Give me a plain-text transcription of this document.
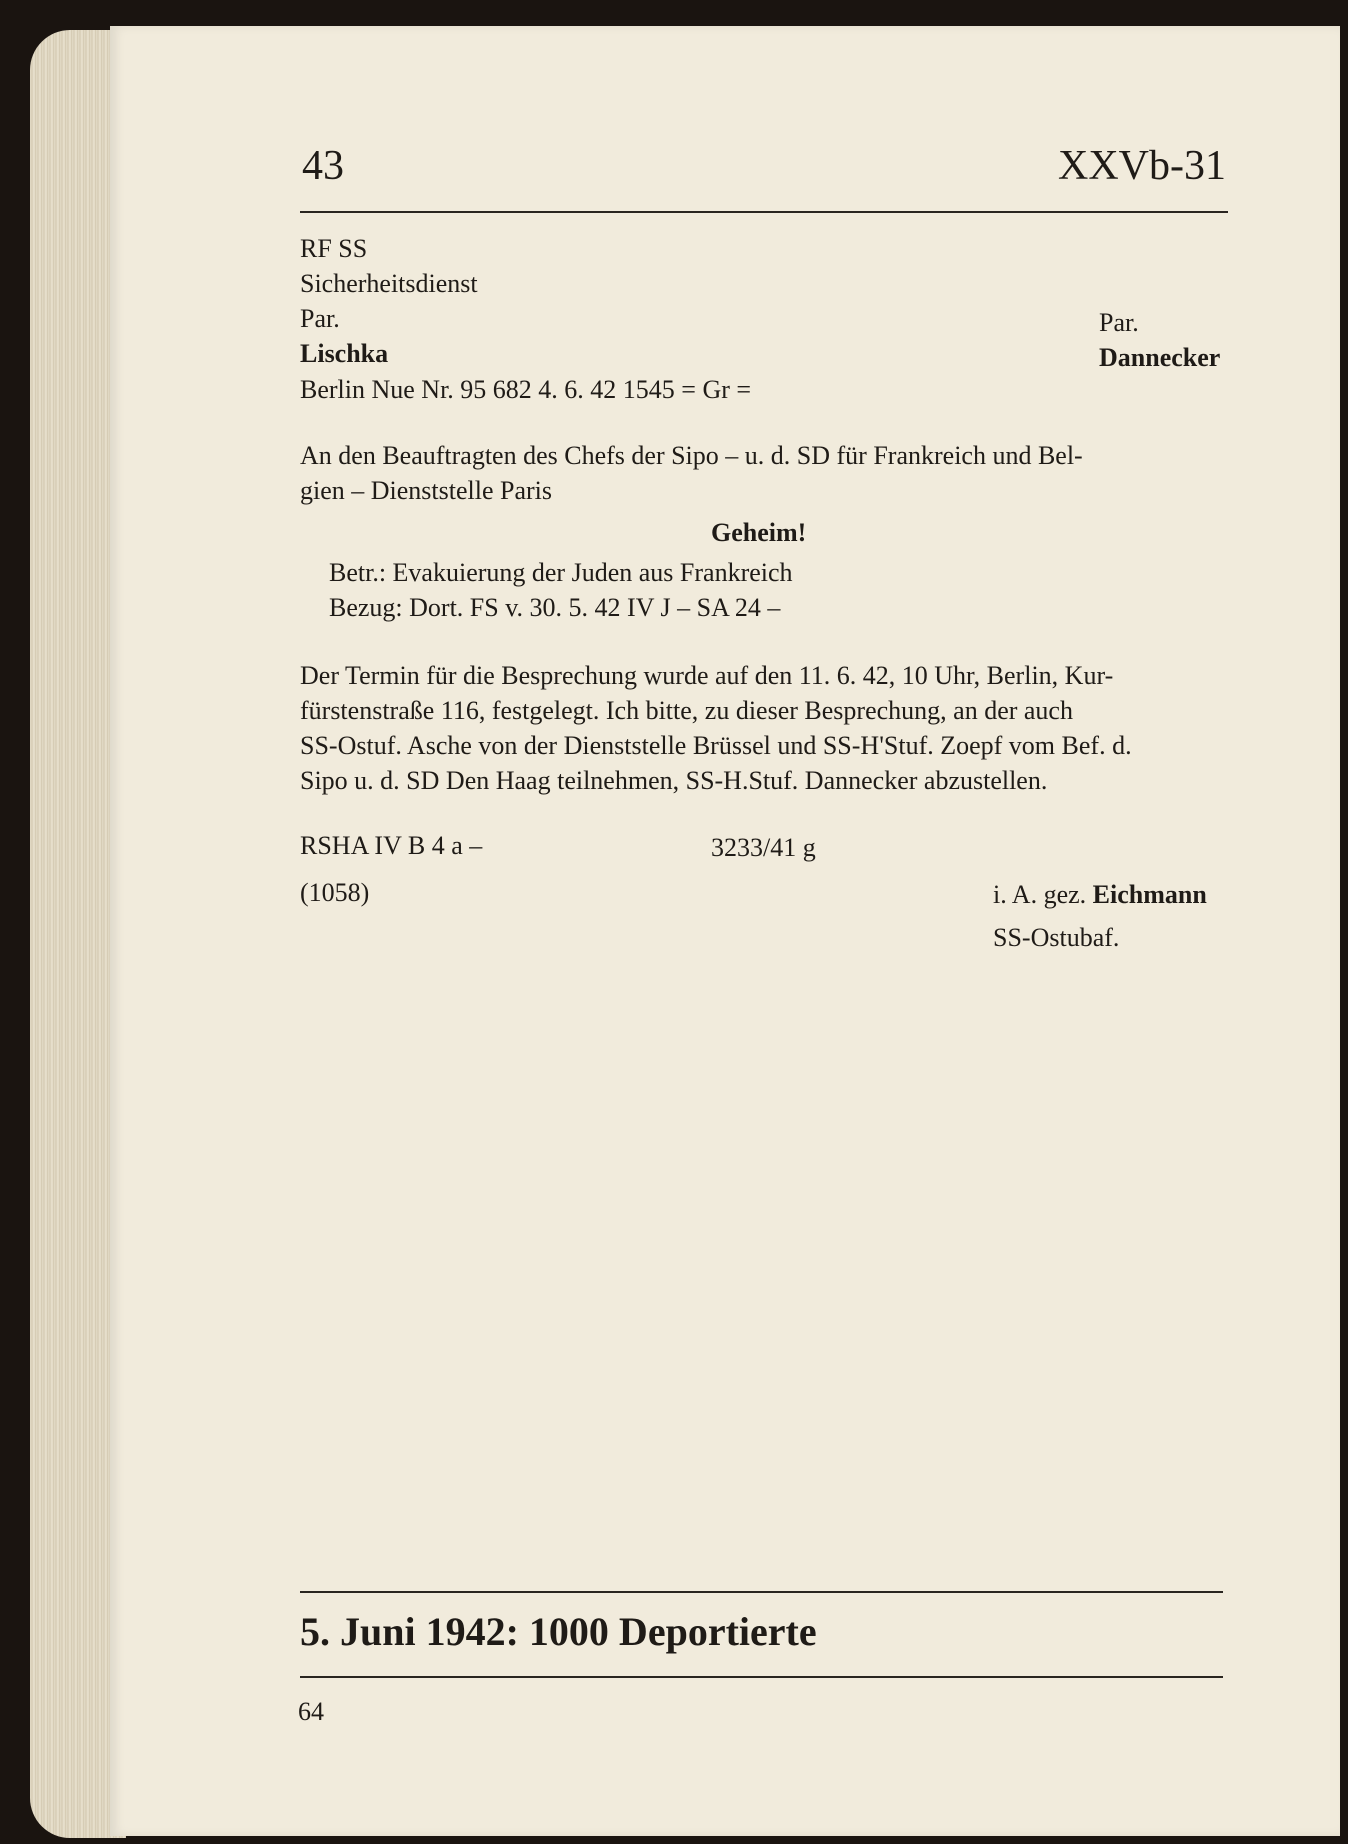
43	XXVb-31
RF SS
Sicherheitsdienst
Par.
Lischka
Berlin Nue Nr. 95 682 4. 6. 42 1545 = Gr =
Par.
Dannecker
An den Beauftragten des Chefs der Sipo – u. d. SD für Frankreich und Bel-
gien – Dienststelle Paris
Geheim!
Betr.: Evakuierung der Juden aus Frankreich
Bezug: Dort. FS v. 30. 5. 42 IV J – SA 24 –
Der Termin für die Besprechung wurde auf den 11. 6. 42, 10 Uhr, Berlin, Kur-
fürstenstraße 116, festgelegt. Ich bitte, zu dieser Besprechung, an der auch
SS-Ostuf. Asche von der Dienststelle Brüssel und SS-H'Stuf. Zoepf vom Bef. d.
Sipo u. d. SD Den Haag teilnehmen, SS-H.Stuf. Dannecker abzustellen.
RSHA IV B 4 a –	3233/41 g
(1058)	i. A. gez. Eichmann
SS-Ostubaf.
5. Juni 1942: 1000 Deportierte
64
